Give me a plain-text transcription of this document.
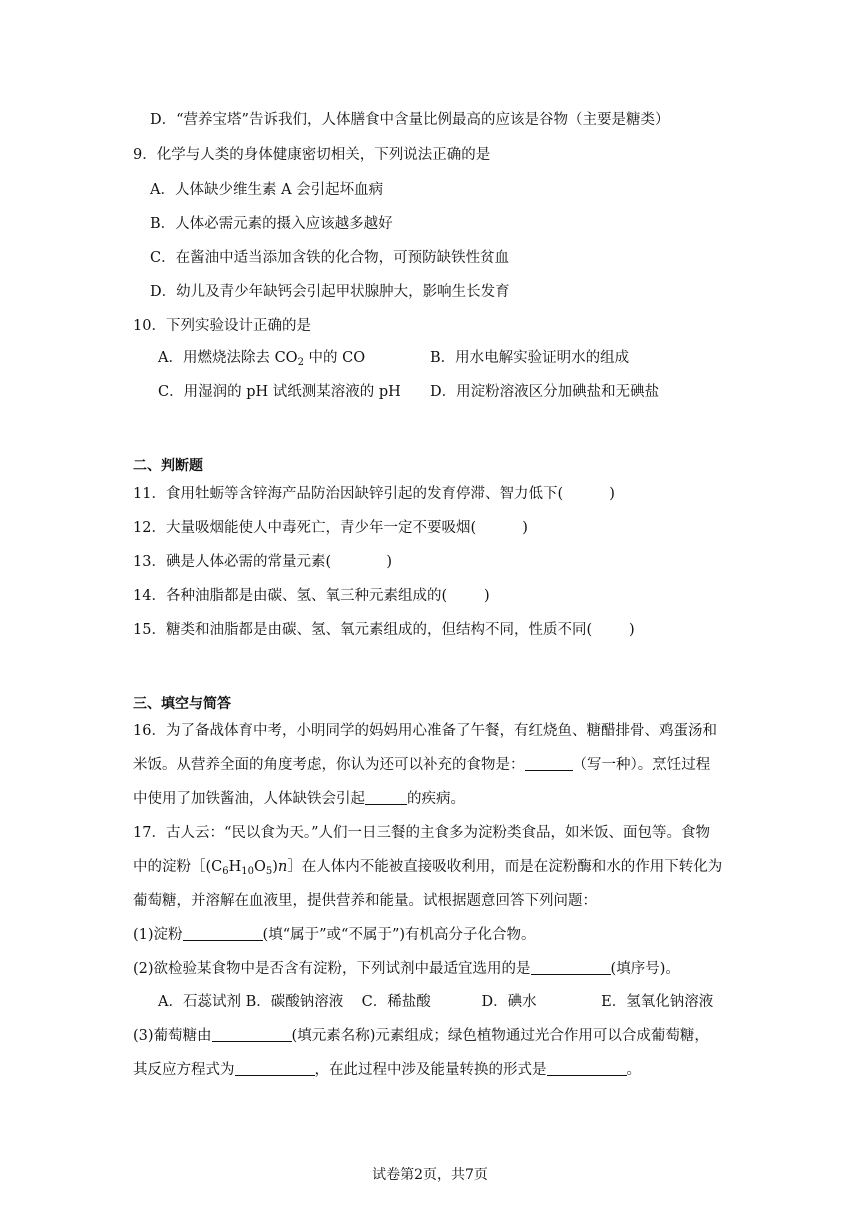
D．“营养宝塔”告诉我们，人体膳食中含量比例最高的应该是谷物（主要是糖类）
9．化学与人类的身体健康密切相关，下列说法正确的是
A．人体缺少维生素 A 会引起坏血病
B．人体必需元素的摄入应该越多越好
C．在酱油中适当添加含铁的化合物，可预防缺铁性贫血
D．幼儿及青少年缺钙会引起甲状腺肿大，影响生长发育
10．下列实验设计正确的是
A．用燃烧法除去 $CO_2$ 中的 CO	B．用水电解实验证明水的组成
C．用湿润的 pH 试纸测某溶液的 pH D．用淀粉溶液区分加碘盐和无碘盐
二、判断题
11．食用牡蛎等含锌海产品防治因缺锌引起的发育停滞、智力低下(          )
12．大量吸烟能使人中毒死亡，青少年一定不要吸烟(          )
13．碘是人体必需的常量元素(            )
14．各种油脂都是由碳、氢、氧三种元素组成的(        )
15．糖类和油脂都是由碳、氢、氧元素组成的，但结构不同，性质不同(        )
三、填空与简答
16．为了备战体育中考，小明同学的妈妈用心准备了午餐，有红烧鱼、糖醋排骨、鸡蛋汤和
米饭。从营养全面的角度考虑，你认为还可以补充的食物是：	（写一种）。烹饪过程
中使用了加铁酱油，人体缺铁会引起	的疾病。
17．古人云：“民以食为天。”人们一日三餐的主食多为淀粉类食品，如米饭、面包等。食物
中的淀粉$[(C_6H_{10}O_5)n]$在人体内不能被直接吸收利用，而是在淀粉酶和水的作用下转化为
葡萄糖，并溶解在血液里，提供营养和能量。试根据题意回答下列问题：
(1)淀粉	(填“属于”或“不属于”)有机高分子化合物。
(2)欲检验某食物中是否含有淀粉，下列试剂中最适宜选用的是	(填序号)。
A．石蕊试剂 B．碳酸钠溶液    C．稀盐酸           D．碘水              E．氢氧化钠溶液
(3)葡萄糖由	(填元素名称)元素组成；绿色植物通过光合作用可以合成葡萄糖，
其反应方程式为	，在此过程中涉及能量转换的形式是	。
试卷第2页，共7页
